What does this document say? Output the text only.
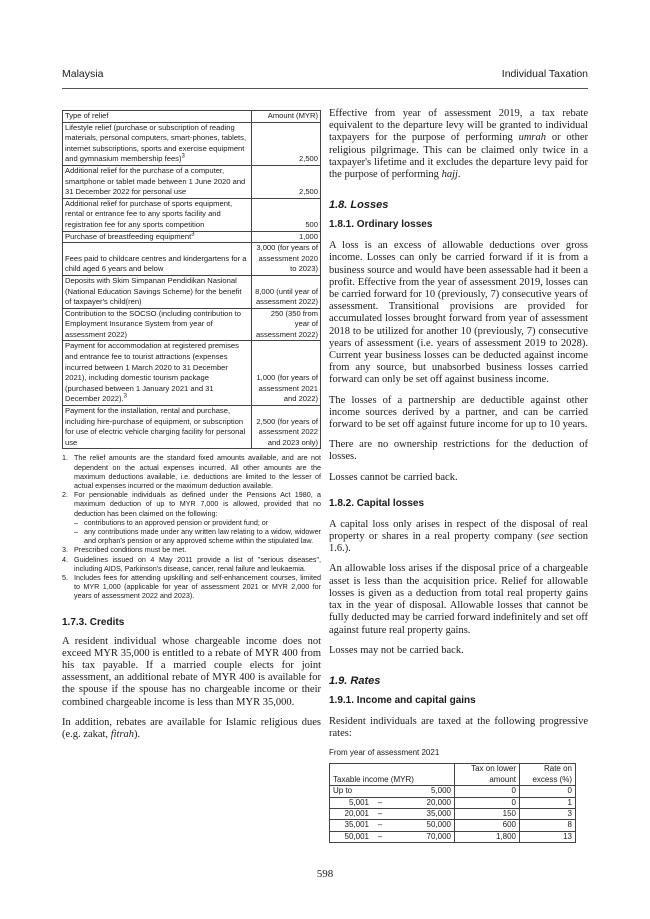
Malaysia	Individual Taxation
Type of relief	Amount (MYR)
Lifestyle relief (purchase or subscription of reading materials, personal computers, smart-phones, tablets, internet subscriptions, sports and exercise equipment and gymnasium membership fees)$^3$	2,500
Additional relief for the purchase of a computer, smartphone or tablet made between 1 June 2020 and 31 December 2022 for personal use	2,500
Additional relief for purchase of sports equipment, rental or entrance fee to any sports facility and registration fee for any sports competition	500
Purchase of breastfeeding equipment$^3$	1,000
Fees paid to childcare centres and kindergartens for a child aged 6 years and below	3,000 (for years of assessment 2020 to 2023)
Deposits with Skim Simpanan Pendidikan Nasional (National Education Savings Scheme) for the benefit of taxpayer's child(ren)	8,000 (until year of assessment 2022)
Contribution to the SOCSO (including contribution to Employment Insurance System from year of assessment 2022)	250 (350 from year of assessment 2022)
Payment for accommodation at registered premises and entrance fee to tourist attractions (expenses incurred between 1 March 2020 to 31 December 2021), including domestic tourism package (purchased between 1 January 2021 and 31 December 2022).$^3$	1,000 (for years of assessment 2021 and 2022)
Payment for the installation, rental and purchase, including hire-purchase of equipment, or subscription for use of electric vehicle charging facility for personal use	2,500 (for years of assessment 2022 and 2023 only)
1. The relief amounts are the standard fixed amounts available, and are not dependent on the actual expenses incurred. All other amounts are the maximum deductions available, i.e. deductions are limited to the lesser of actual expenses incurred or the maximum deduction available.
2. For pensionable individuals as defined under the Pensions Act 1980, a maximum deduction of up to MYR 7,000 is allowed, provided that no deduction has been claimed on the following:
– contributions to an approved pension or provident fund; or
– any contributions made under any written law relating to a widow, widower and orphan's pension or any approved scheme within the stipulated law.
3. Prescribed conditions must be met.
4. Guidelines issued on 4 May 2011 provide a list of "serious diseases", including AIDS, Parkinson's disease, cancer, renal failure and leukaemia.
5. Includes fees for attending upskilling and self-enhancement courses, limited to MYR 1,000 (applicable for year of assessment 2021 or MYR 2,000 for years of assessment 2022 and 2023).
1.7.3. Credits

A resident individual whose chargeable income does not exceed MYR 35,000 is entitled to a rebate of MYR 400 from his tax payable. If a married couple elects for joint assessment, an additional rebate of MYR 400 is available for the spouse if the spouse has no chargeable income or their combined chargeable income is less than MYR 35,000.

In addition, rebates are available for Islamic religious dues (e.g. zakat, fitrah).

Effective from year of assessment 2019, a tax rebate equivalent to the departure levy will be granted to individual taxpayers for the purpose of performing umrah or other religious pilgrimage. This can be claimed only twice in a taxpayer's lifetime and it excludes the departure levy paid for the purpose of performing hajj.

1.8. Losses
1.8.1. Ordinary losses

A loss is an excess of allowable deductions over gross income. Losses can only be carried forward if it is from a business source and would have been assessable had it been a profit. Effective from the year of assessment 2019, losses can be carried forward for 10 (previously, 7) consecutive years of assessment. Transitional provisions are provided for accumulated losses brought forward from year of assessment 2018 to be utilized for another 10 (previously, 7) consecutive years of assessment (i.e. years of assessment 2019 to 2028). Current year business losses can be deducted against income from any source, but unabsorbed business losses carried forward can only be set off against business income.

The losses of a partnership are deductible against other income sources derived by a partner, and can be carried forward to be set off against future income for up to 10 years.

There are no ownership restrictions for the deduction of losses.

Losses cannot be carried back.

1.8.2. Capital losses

A capital loss only arises in respect of the disposal of real property or shares in a real property company (see section 1.6.).

An allowable loss arises if the disposal price of a chargeable asset is less than the acquisition price. Relief for allowable losses is given as a deduction from total real property gains tax in the year of disposal. Allowable losses that cannot be fully deducted may be carried forward indefinitely and set off against future real property gains.

Losses may not be carried back.

1.9. Rates
1.9.1. Income and capital gains

Resident individuals are taxed at the following progressive rates:

From year of assessment 2021
Taxable income (MYR)	Tax on lower amount	Rate on excess (%)

Up to 5,000	0	0

5,001 – 20,000	0	1

20,001 – 35,000	150	3

35,001 – 50,000	600	8

50,001 – 70,000	1,800	13
598
